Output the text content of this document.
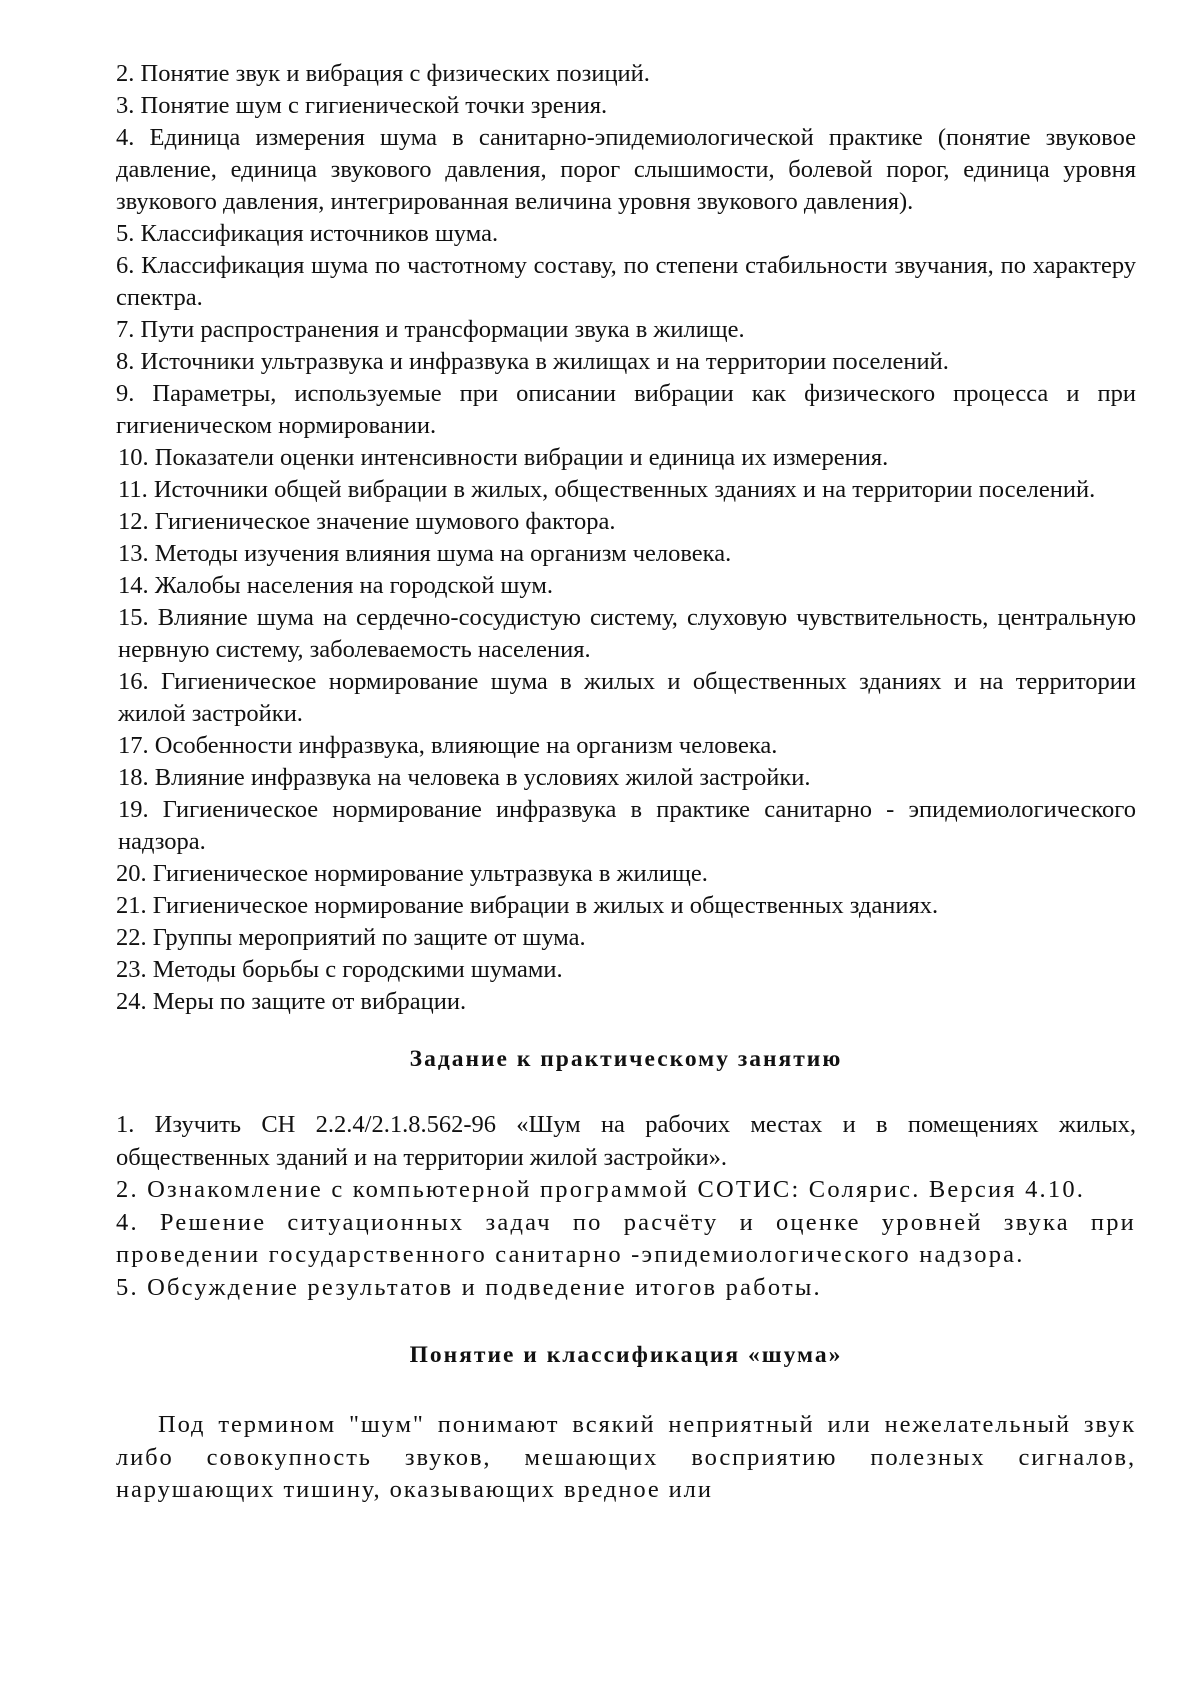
2. Понятие звук и вибрация с физических позиций.

3. Понятие шум с гигиенической точки зрения.

4. Единица измерения шума в санитарно-эпидемиологической практике (понятие звуковое давление, единица звукового давления, порог слышимости, болевой порог, единица уровня звукового давления, интегрированная величина уровня звукового давления).

5. Классификация источников шума.

6. Классификация шума по частотному составу, по степени стабильности звучания, по характеру спектра.

7. Пути распространения и трансформации звука в жилище.

8. Источники ультразвука и инфразвука в жилищах и на территории поселений.

9. Параметры, используемые при описании вибрации как физического процесса и при гигиеническом нормировании.

10. Показатели оценки интенсивности вибрации и единица их измерения.

11. Источники общей вибрации в жилых, общественных зданиях и на территории поселений.

12. Гигиеническое значение шумового фактора.

13. Методы изучения влияния шума на организм человека.

14. Жалобы населения на городской шум.

15. Влияние шума на сердечно-сосудистую систему, слуховую чувствительность, центральную нервную систему, заболеваемость населения.

16. Гигиеническое нормирование шума в жилых и общественных зданиях и на территории жилой застройки.

17. Особенности инфразвука, влияющие на организм человека.

18. Влияние инфразвука на человека в условиях жилой застройки.

19. Гигиеническое нормирование инфразвука в практике санитарно - эпидемиологического надзора.

20. Гигиеническое нормирование ультразвука в жилище.

21. Гигиеническое нормирование вибрации в жилых и общественных зданиях.

22. Группы мероприятий по защите от шума.

23. Методы борьбы с городскими шумами.

24. Меры по защите от вибрации.

Задание к практическому занятию

1. Изучить СН 2.2.4/2.1.8.562-96 «Шум на рабочих местах и в помещениях жилых, общественных зданий и на территории жилой застройки».

2. Ознакомление с компьютерной программой СОТИС: Солярис. Версия 4.10.

4. Решение ситуационных задач по расчёту и оценке уровней звука при проведении государственного санитарно -эпидемиологического надзора.

5. Обсуждение результатов и подведение итогов работы.

Понятие и классификация «шума»

Под термином "шум" понимают всякий неприятный или нежелательный звук либо совокупность звуков, мешающих восприятию полезных сигналов, нарушающих тишину, оказывающих вредное или
